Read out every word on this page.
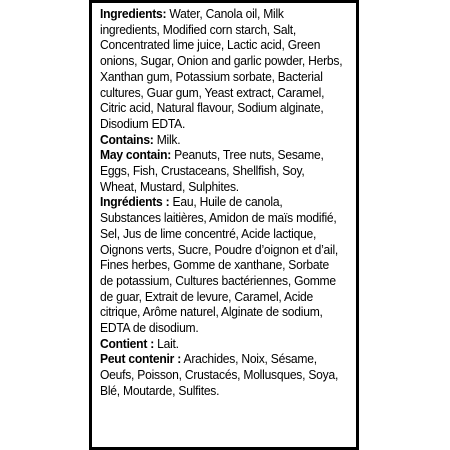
Ingredients: Water, Canola oil, Milk ingredients, Modified corn starch, Salt, Concentrated lime juice, Lactic acid, Green onions, Sugar, Onion and garlic powder, Herbs, Xanthan gum, Potassium sorbate, Bacterial cultures, Guar gum, Yeast extract, Caramel, Citric acid, Natural flavour, Sodium alginate, Disodium EDTA.

Contains: Milk.

May contain: Peanuts, Tree nuts, Sesame, Eggs, Fish, Crustaceans, Shellfish, Soy, Wheat, Mustard, Sulphites.

Ingrédients : Eau, Huile de canola, Substances laitières, Amidon de maïs modifié, Sel, Jus de lime concentré, Acide lactique, Oignons verts, Sucre, Poudre d’oignon et d’ail, Fines herbes, Gomme de xanthane, Sorbate de potassium, Cultures bactériennes, Gomme de guar, Extrait de levure, Caramel, Acide citrique, Arôme naturel, Alginate de sodium, EDTA de disodium.

Contient : Lait.

Peut contenir : Arachides, Noix, Sésame, Oeufs, Poisson, Crustacés, Mollusques, Soya, Blé, Moutarde, Sulfites.
